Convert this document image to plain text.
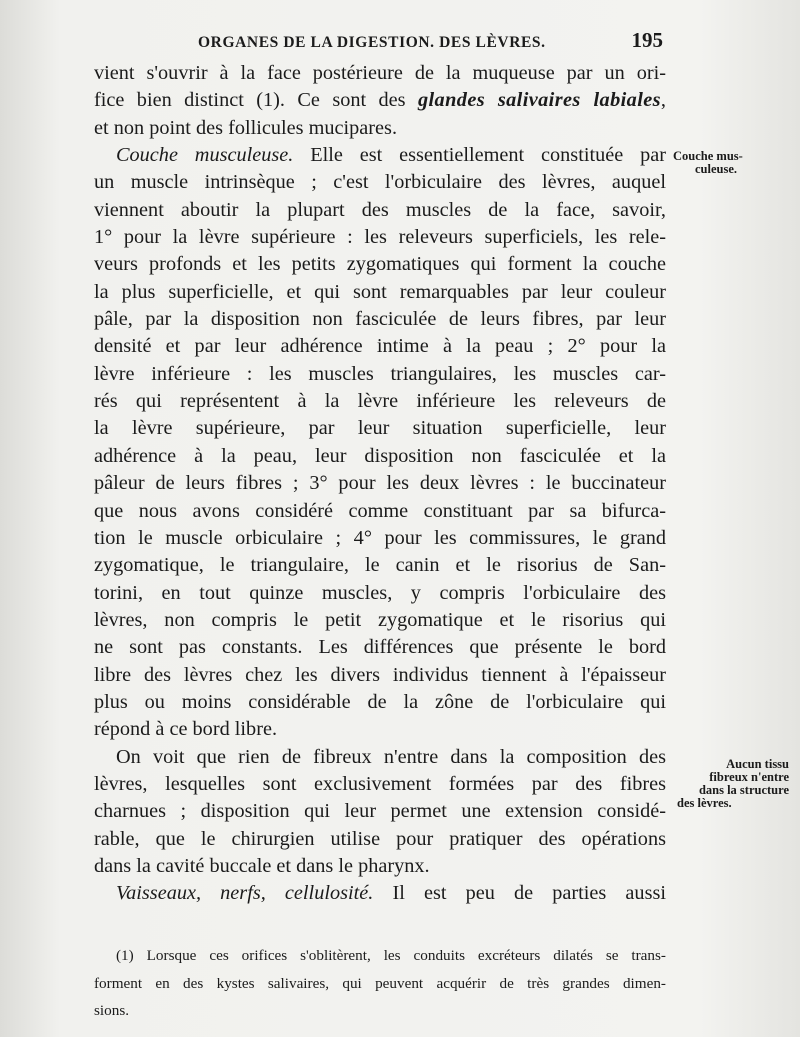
ORGANES DE LA DIGESTION. DES LÈVRES.	195

vient s'ouvrir à la face postérieure de la muqueuse par un ori-
fice bien distinct (1). Ce sont des glandes salivaires labiales,
et non point des follicules mucipares.

Couche musculeuse. Elle est essentiellement constituée par
un muscle intrinsèque ; c'est l'orbiculaire des lèvres, auquel
viennent aboutir la plupart des muscles de la face, savoir,
1° pour la lèvre supérieure : les releveurs superficiels, les rele-
veurs profonds et les petits zygomatiques qui forment la couche
la plus superficielle, et qui sont remarquables par leur couleur
pâle, par la disposition non fasciculée de leurs fibres, par leur
densité et par leur adhérence intime à la peau ; 2° pour la
lèvre inférieure : les muscles triangulaires, les muscles car-
rés qui représentent à la lèvre inférieure les releveurs de
la lèvre supérieure, par leur situation superficielle, leur
adhérence à la peau, leur disposition non fasciculée et la
pâleur de leurs fibres ; 3° pour les deux lèvres : le buccinateur
que nous avons considéré comme constituant par sa bifurca-
tion le muscle orbiculaire ; 4° pour les commissures, le grand
zygomatique, le triangulaire, le canin et le risorius de San-
torini, en tout quinze muscles, y compris l'orbiculaire des
lèvres, non compris le petit zygomatique et le risorius qui
ne sont pas constants. Les différences que présente le bord
libre des lèvres chez les divers individus tiennent à l'épaisseur
plus ou moins considérable de la zône de l'orbiculaire qui
répond à ce bord libre.

On voit que rien de fibreux n'entre dans la composition des
lèvres, lesquelles sont exclusivement formées par des fibres
charnues ; disposition qui leur permet une extension considé-
rable, que le chirurgien utilise pour pratiquer des opérations
dans la cavité buccale et dans le pharynx.

Vaisseaux, nerfs, cellulosité. Il est peu de parties aussi

Couche mus-
culeuse.
Aucun tissu
fibreux n'entre
dans la structure
des lèvres.
(1) Lorsque ces orifices s'oblitèrent, les conduits excréteurs dilatés se trans-
forment en des kystes salivaires, qui peuvent acquérir de très grandes dimen-
sions.
